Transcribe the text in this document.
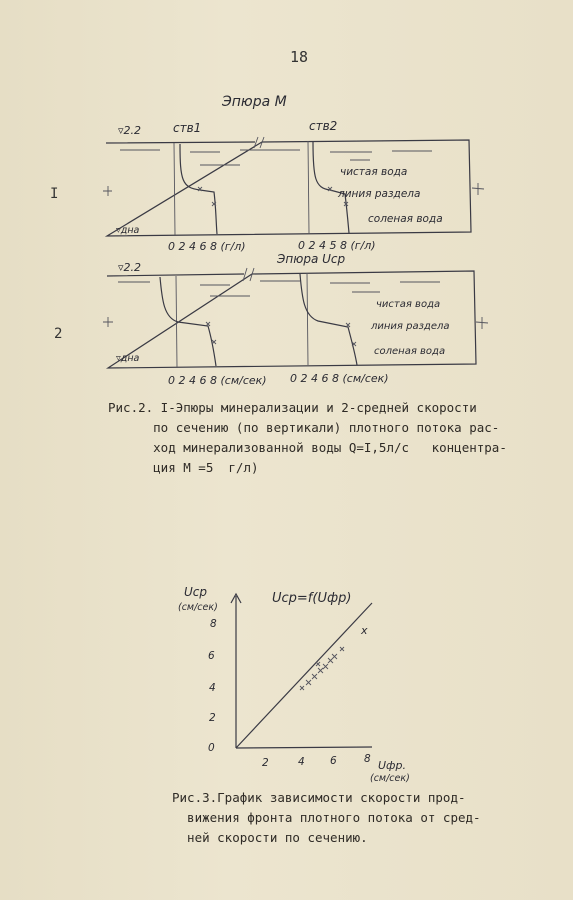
18
I
2
Эпюра М
▿2.2	ств1	ств2
чистая вода
линия раздела
соленая вода
▿дна
0 2 4 6 8 (г/л)	0 2 4 5 8 (г/л)
▿2.2
Эпюра Uср
чистая вода
линия раздела
соленая вода
▿дна
0 2 4 6 8 (см/сек) 0 2 4 6 8 (см/сек)
Рис.2. I-Эпюры минерализации и 2-средней скорости
по сечению (по вертикали) плотного потока рас-
ход минерализованной воды Q=I,5л/с   концентра-
ция М =5  г/л)
x
0
2
4
6
8
2	4 6	8
Uср
(см/сек)
Uср=f(Uфр)
Uфр.
(см/сек)
Рис.3.График зависимости скорости прод-
вижения фронта плотного потока от сред-
ней скорости по сечению.
